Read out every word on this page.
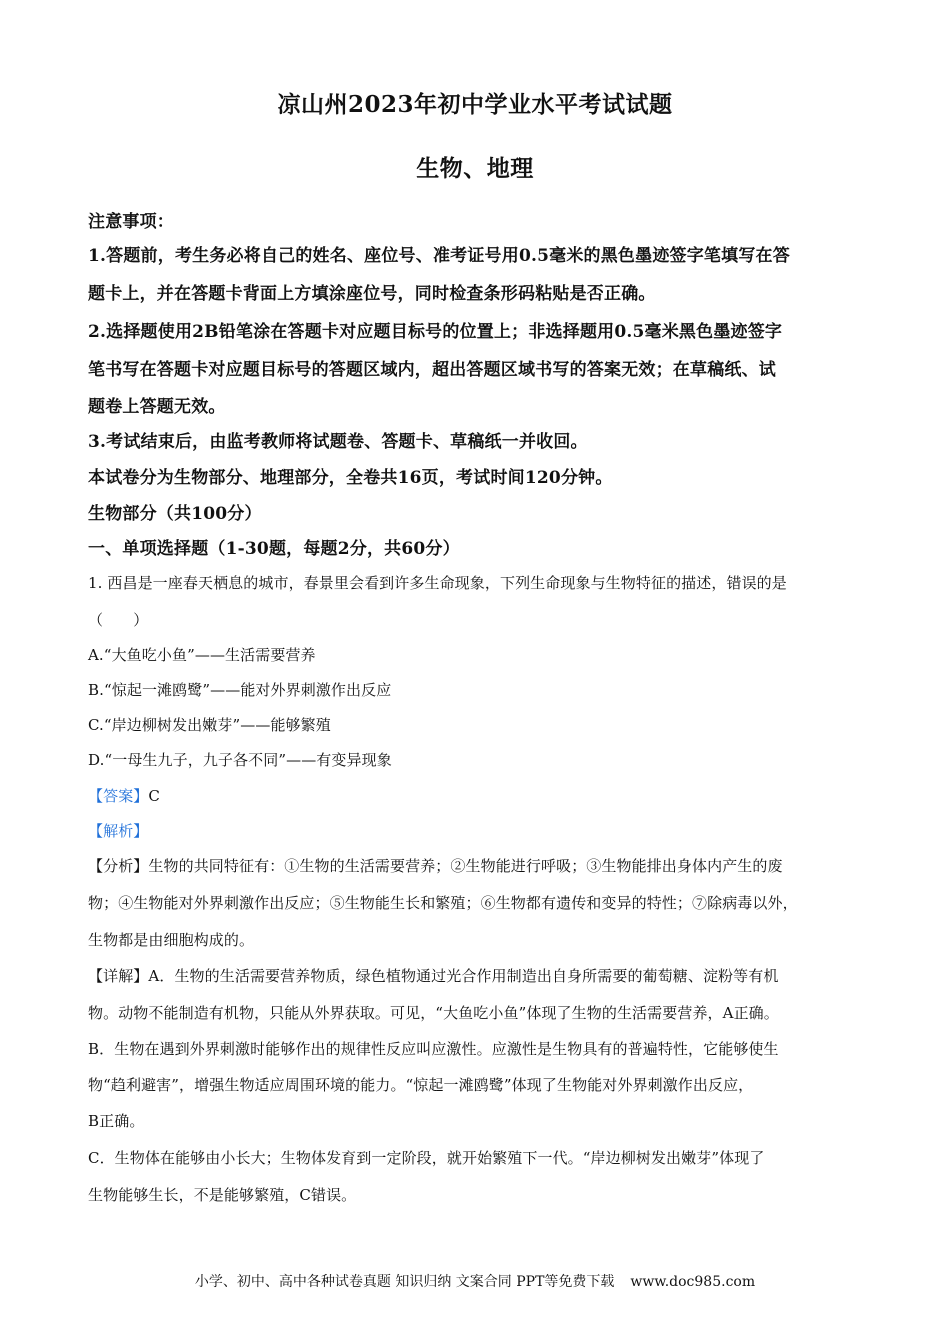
凉山州2023年初中学业水平考试试题
生物、地理
注意事项：
1.答题前，考生务必将自己的姓名、座位号、准考证号用0.5毫米的黑色墨迹签字笔填写在答
题卡上，并在答题卡背面上方填涂座位号，同时检查条形码粘贴是否正确。
2.选择题使用2B铅笔涂在答题卡对应题目标号的位置上；非选择题用0.5毫米黑色墨迹签字
笔书写在答题卡对应题目标号的答题区域内，超出答题区域书写的答案无效；在草稿纸、试
题卷上答题无效。
3.考试结束后，由监考教师将试题卷、答题卡、草稿纸一并收回。
本试卷分为生物部分、地理部分，全卷共16页，考试时间120分钟。
生物部分（共100分）
一、单项选择题（1-30题，每题2分，共60分）
1. 西昌是一座春天栖息的城市，春景里会看到许多生命现象，下列生命现象与生物特征的描述，错误的是
（　　）
A.“大鱼吃小鱼”——生活需要营养
B.“惊起一滩鸥鹭”——能对外界刺激作出反应
C.“岸边柳树发出嫩芽”——能够繁殖
D.“一母生九子，九子各不同”——有变异现象
【答案】C
【解析】
【分析】生物的共同特征有：①生物的生活需要营养；②生物能进行呼吸；③生物能排出身体内产生的废
物；④生物能对外界刺激作出反应；⑤生物能生长和繁殖；⑥生物都有遗传和变异的特性；⑦除病毒以外，
生物都是由细胞构成的。
【详解】A．生物的生活需要营养物质，绿色植物通过光合作用制造出自身所需要的葡萄糖、淀粉等有机
物。动物不能制造有机物，只能从外界获取。可见，“大鱼吃小鱼”体现了生物的生活需要营养，A正确。
B．生物在遇到外界刺激时能够作出的规律性反应叫应激性。应激性是生物具有的普遍特性，它能够使生
物“趋利避害”，增强生物适应周围环境的能力。“惊起一滩鸥鹭”体现了生物能对外界刺激作出反应，
B正确。
C．生物体在能够由小长大；生物体发育到一定阶段，就开始繁殖下一代。“岸边柳树发出嫩芽”体现了
生物能够生长，不是能够繁殖，C错误。
小学、初中、高中各种试卷真题 知识归纳 文案合同 PPT等免费下载 www.doc985.com
